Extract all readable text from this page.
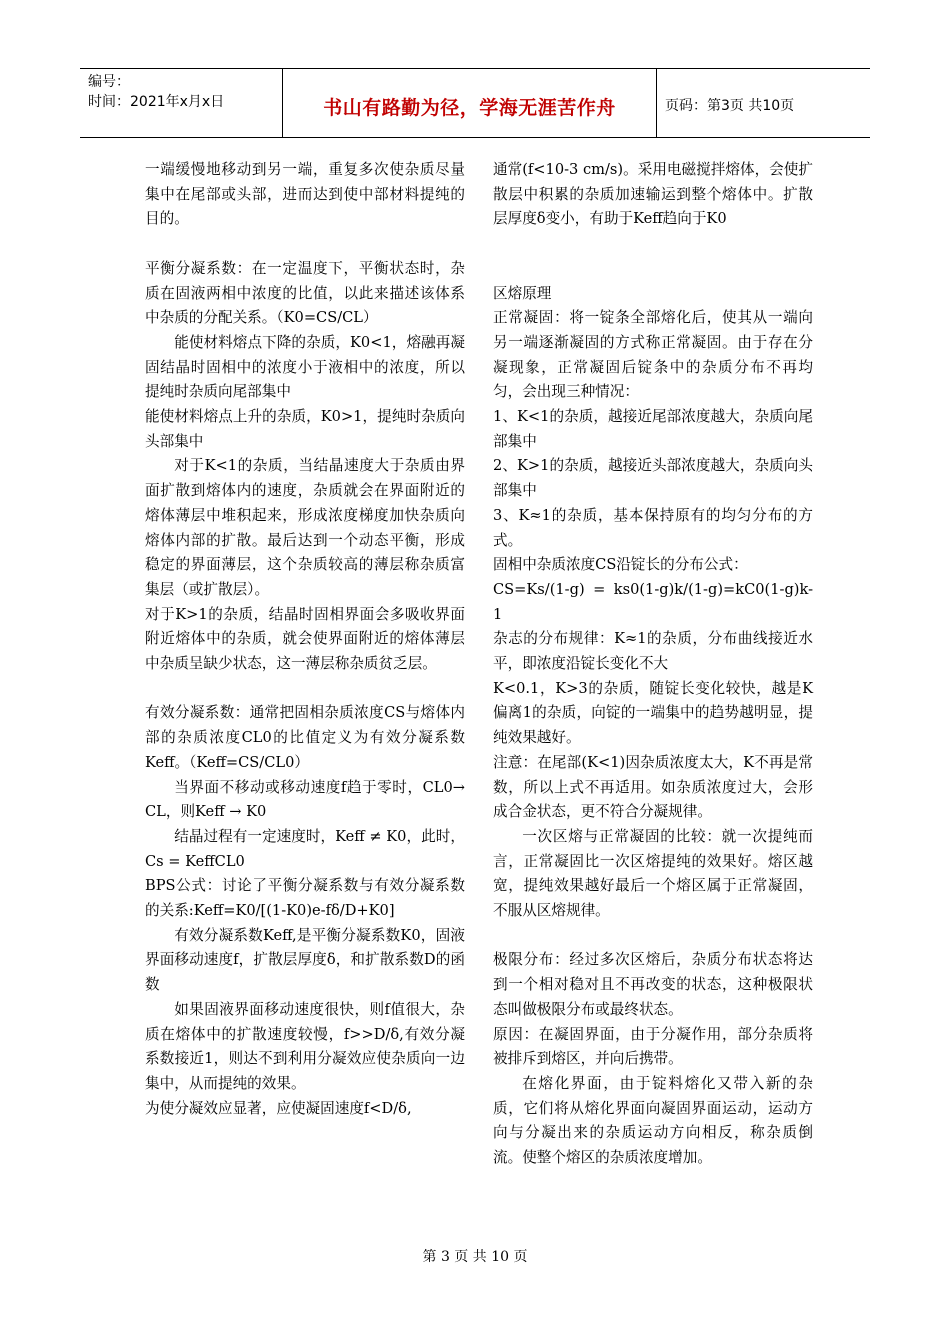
编号：
时间：2021年x月x日	书山有路勤为径，学海无涯苦作舟	页码：第3页 共10页

一端缓慢地移动到另一端，重复多次使杂质尽量集中在尾部或头部，进而达到使中部材料提纯的目的。

平衡分凝系数：在一定温度下，平衡状态时，杂质在固液两相中浓度的比值，以此来描述该体系中杂质的分配关系。（K0=CS/CL）

能使材料熔点下降的杂质，K0<1，熔融再凝固结晶时固相中的浓度小于液相中的浓度，所以提纯时杂质向尾部集中

能使材料熔点上升的杂质，K0>1，提纯时杂质向头部集中

对于K<1的杂质，当结晶速度大于杂质由界面扩散到熔体内的速度，杂质就会在界面附近的熔体薄层中堆积起来，形成浓度梯度加快杂质向熔体内部的扩散。最后达到一个动态平衡，形成稳定的界面薄层，这个杂质较高的薄层称杂质富集层（或扩散层）。

对于K>1的杂质，结晶时固相界面会多吸收界面附近熔体中的杂质，就会使界面附近的熔体薄层中杂质呈缺少状态，这一薄层称杂质贫乏层。

有效分凝系数：通常把固相杂质浓度CS与熔体内部的杂质浓度CL0的比值定义为有效分凝系数Keff。（Keff=CS/CL0）

当界面不移动或移动速度f趋于零时，CL0→ CL，则Keff → K0

结晶过程有一定速度时，Keff ≠ K0，此时，Cs = KeffCL0

BPS公式：讨论了平衡分凝系数与有效分凝系数的关系:Keff=K0/[(1-K0)e-fδ/D+K0]

有效分凝系数Keff,是平衡分凝系数K0，固液界面移动速度f，扩散层厚度δ，和扩散系数D的函数

如果固液界面移动速度很快，则f值很大，杂质在熔体中的扩散速度较慢，f>>D/δ,有效分凝系数接近1，则达不到利用分凝效应使杂质向一边集中，从而提纯的效果。

为使分凝效应显著，应使凝固速度f<D/δ,

通常(f<10-3 cm/s)。采用电磁搅拌熔体，会使扩散层中积累的杂质加速输运到整个熔体中。扩散层厚度δ变小，有助于Keff趋向于K0

区熔原理

正常凝固：将一锭条全部熔化后，使其从一端向另一端逐渐凝固的方式称正常凝固。由于存在分凝现象，正常凝固后锭条中的杂质分布不再均匀，会出现三种情况：

1、K<1的杂质，越接近尾部浓度越大，杂质向尾部集中

2、K>1的杂质，越接近头部浓度越大，杂质向头部集中

3、K≈1的杂质，基本保持原有的均匀分布的方式。

固相中杂质浓度CS沿锭长的分布公式：

CS=Ks/(1-g) = ks0(1-g)k/(1-g)=kC0(1-g)k-1

杂志的分布规律：K≈1的杂质，分布曲线接近水平，即浓度沿锭长变化不大

K<0.1，K>3的杂质，随锭长变化较快，越是K偏离1的杂质，向锭的一端集中的趋势越明显，提纯效果越好。

注意：在尾部(K<1)因杂质浓度太大，K不再是常数，所以上式不再适用。如杂质浓度过大，会形成合金状态，更不符合分凝规律。

一次区熔与正常凝固的比较：就一次提纯而言，正常凝固比一次区熔提纯的效果好。熔区越宽，提纯效果越好最后一个熔区属于正常凝固，不服从区熔规律。

极限分布：经过多次区熔后，杂质分布状态将达到一个相对稳对且不再改变的状态，这种极限状态叫做极限分布或最终状态。

原因：在凝固界面，由于分凝作用，部分杂质将被排斥到熔区，并向后携带。

在熔化界面，由于锭料熔化又带入新的杂质，它们将从熔化界面向凝固界面运动，运动方向与分凝出来的杂质运动方向相反，称杂质倒流。使整个熔区的杂质浓度增加。

第 3 页 共 10 页
